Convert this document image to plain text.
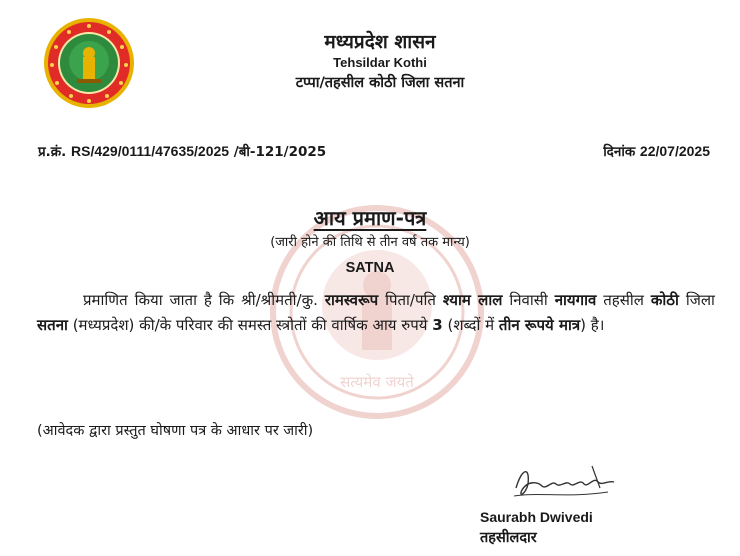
मध्यप्रदेश शासन
Tehsildar Kothi
टप्पा/तहसील कोठी जिला सतना
प्र.क्रं. RS/429/0111/47635/2025 /बी-121/2025	दिनांक 22/07/2025
सत्यमेव जयते
आय प्रमाण-पत्र
(जारी होने की तिथि से तीन वर्ष तक मान्य)
SATNA
प्रमाणित किया जाता है कि श्री/श्रीमती/कु. रामस्वरूप पिता/पति श्याम लाल निवासी नायगाव तहसील कोठी जिला सतना (मध्यप्रदेश) की/के परिवार की समस्त स्त्रोतों की वार्षिक आय रुपये 3 (शब्दों में तीन रूपये मात्र) है।
(आवेदक द्वारा प्रस्तुत घोषणा पत्र के आधार पर जारी)
Saurabh Dwivedi
तहसीलदार
